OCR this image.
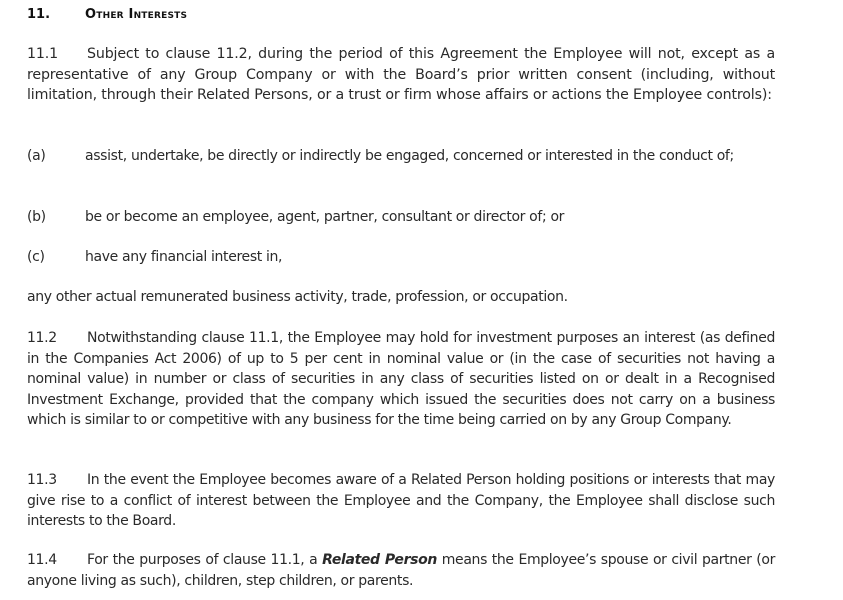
11.	Other Interests
11.1 Subject to clause 11.2, during the period of this Agreement the Employee will not, except as a representative of any Group Company or with the Board’s prior written consent (including, without limitation, through their Related Persons, or a trust or firm whose affairs or actions the Employee controls):
(a)	assist, undertake, be directly or indirectly be engaged, concerned or interested in the conduct of;
(b)	be or become an employee, agent, partner, consultant or director of; or
(c)	have any financial interest in,
any other actual remunerated business activity, trade, profession, or occupation.
11.2 Notwithstanding clause 11.1, the Employee may hold for investment purposes an interest (as defined in the Companies Act 2006) of up to 5 per cent in nominal value or (in the case of securities not having a nominal value) in number or class of securities in any class of securities listed on or dealt in a Recognised Investment Exchange, provided that the company which issued the securities does not carry on a business which is similar to or competitive with any business for the time being carried on by any Group Company.
11.3 In the event the Employee becomes aware of a Related Person holding positions or interests that may give rise to a conflict of interest between the Employee and the Company, the Employee shall disclose such interests to the Board.
11.4 For the purposes of clause 11.1, a Related Person means the Employee’s spouse or civil partner (or anyone living as such), children, step children, or parents.
